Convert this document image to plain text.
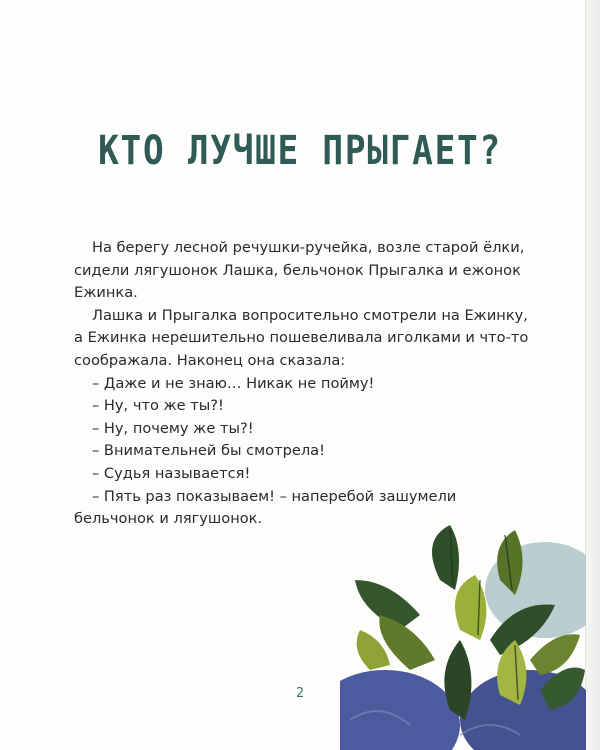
КТО ЛУЧШЕ ПРЫГАЕТ?

На берегу лесной речушки-ручейка, возле старой ёлки, сидели лягушонок Лашка, бельчонок Прыгалка и ежонок Ежинка.

Лашка и Прыгалка вопросительно смотрели на Ежинку, а Ежинка нерешительно пошевеливала иголками и что-то соображала. Наконец она сказала:

– Даже и не знаю… Никак не пойму!

– Ну, что же ты?!

– Ну, почему же ты?!

– Внимательней бы смотрела!

– Судья называется!

– Пять раз показываем! – наперебой зашумели бельчонок и лягушонок.

2
